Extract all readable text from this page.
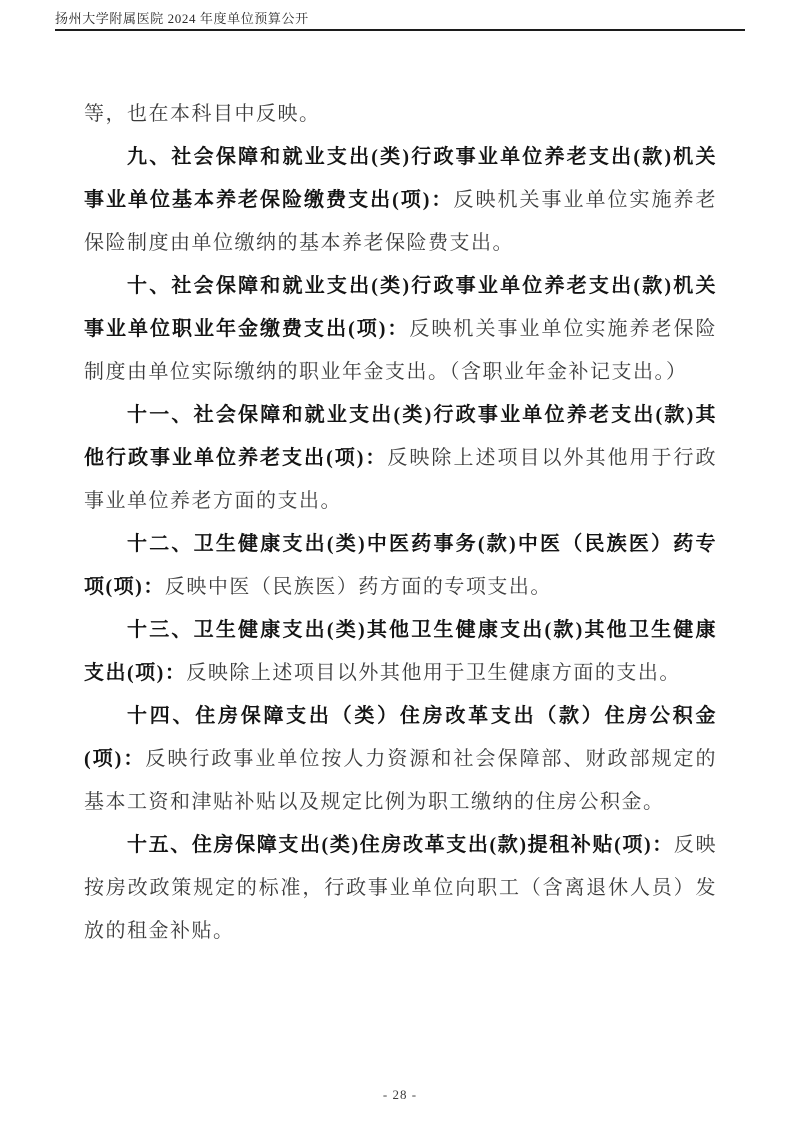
扬州大学附属医院 2024 年度单位预算公开

等，也在本科目中反映。

九、社会保障和就业支出(类)行政事业单位养老支出(款)机关事业单位基本养老保险缴费支出(项)：反映机关事业单位实施养老保险制度由单位缴纳的基本养老保险费支出。

十、社会保障和就业支出(类)行政事业单位养老支出(款)机关事业单位职业年金缴费支出(项)：反映机关事业单位实施养老保险制度由单位实际缴纳的职业年金支出。（含职业年金补记支出。）

十一、社会保障和就业支出(类)行政事业单位养老支出(款)其他行政事业单位养老支出(项)：反映除上述项目以外其他用于行政事业单位养老方面的支出。

十二、卫生健康支出(类)中医药事务(款)中医（民族医）药专项(项)：反映中医（民族医）药方面的专项支出。

十三、卫生健康支出(类)其他卫生健康支出(款)其他卫生健康支出(项)：反映除上述项目以外其他用于卫生健康方面的支出。

十四、住房保障支出（类）住房改革支出（款）住房公积金(项)：反映行政事业单位按人力资源和社会保障部、财政部规定的基本工资和津贴补贴以及规定比例为职工缴纳的住房公积金。

十五、住房保障支出(类)住房改革支出(款)提租补贴(项)：反映按房改政策规定的标准，行政事业单位向职工（含离退休人员）发放的租金补贴。

- 28 -
